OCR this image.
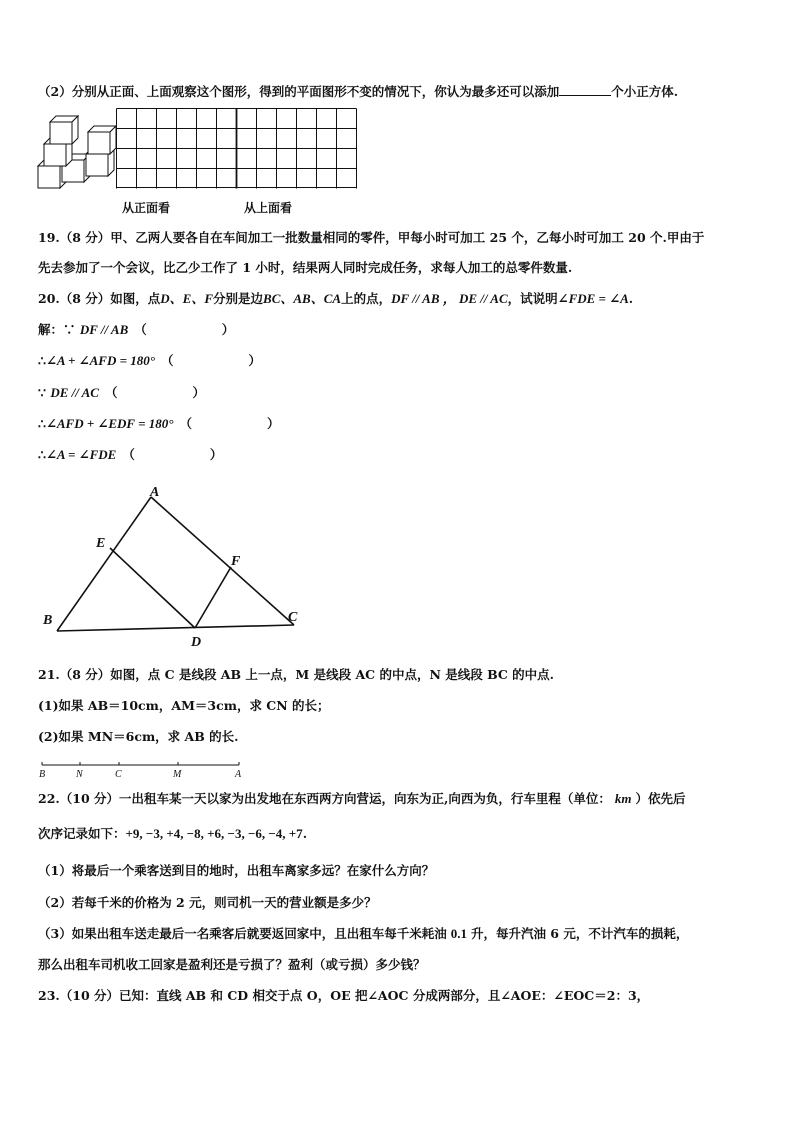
（2）分别从正面、上面观察这个图形，得到的平面图形不变的情况下，你认为最多还可以添加	个小正方体.
从正面看	从上面看
19.（8 分）甲、乙两人要各自在车间加工一批数量相同的零件，甲每小时可加工 25 个，乙每小时可加工 20 个.甲由于
先去参加了一个会议，比乙少工作了 1 小时，结果两人同时完成任务，求每人加工的总零件数量.
20.（8 分）如图，点D、E、F分别是边BC、AB、CA上的点，DF // AB ， DE // AC，试说明∠FDE = ∠A.
解：∵ DF // AB （　　　　　　）
∴∠A + ∠AFD = 180° （　　　　　　）
∵ DE // AC （　　　　　　）
∴∠AFD + ∠EDF = 180° （　　　　　　）
∴∠A = ∠FDE （　　　　　　）
A
E
F
B	C
D
21.（8 分）如图，点 C 是线段 AB 上一点，M 是线段 AC 的中点，N 是线段 BC 的中点.
(1)如果 AB＝10cm，AM＝3cm，求 CN 的长；
(2)如果 MN＝6cm，求 AB 的长.
B	N	C	M	A
22.（10 分）一出租车某一天以家为出发地在东西两方向营运，向东为正,向西为负，行车里程（单位： km ）依先后
次序记录如下：+9, −3, +4, −8, +6, −3, −6, −4, +7.
（1）将最后一个乘客送到目的地时，出租车离家多远？在家什么方向？
（2）若每千米的价格为 2 元，则司机一天的营业额是多少？
（3）如果出租车送走最后一名乘客后就要返回家中，且出租车每千米耗油 0.1 升，每升汽油 6 元，不计汽车的损耗，
那么出租车司机收工回家是盈利还是亏损了？盈利（或亏损）多少钱？
23.（10 分）已知：直线 AB 和 CD 相交于点 O，OE 把∠AOC 分成两部分，且∠AOE：∠EOC＝2：3，
